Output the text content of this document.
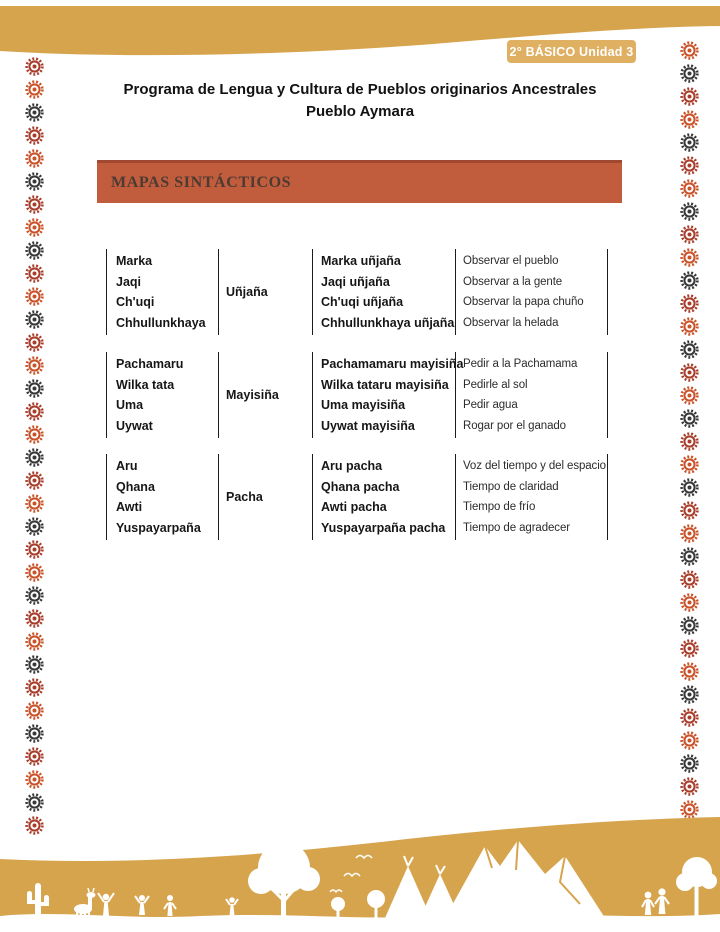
2° BÁSICO Unidad 3
Programa de Lengua y Cultura de Pueblos originarios Ancestrales
Pueblo Aymara
MAPAS SINTÁCTICOS
Marka
Jaqi
Ch'uqi
Chhullunkhaya
Uñjaña
Marka uñjaña
Jaqi uñjaña
Ch'uqi uñjaña
Chhullunkhaya uñjaña
Observar el pueblo
Observar a la gente
Observar la papa chuño
Observar la helada
Pachamaru
Wilka tata
Uma
Uywat
Mayisiña
Pachamamaru mayisiña
Wilka tataru mayisiña
Uma mayisiña
Uywat mayisiña
Pedir a la Pachamama
Pedirle al sol
Pedir agua
Rogar por el ganado
Aru
Qhana
Awti
Yuspayarpaña
Pacha
Aru pacha
Qhana pacha
Awti pacha
Yuspayarpaña pacha
Voz del tiempo y del espacio
Tiempo de claridad
Tiempo de frío
Tiempo de agradecer
